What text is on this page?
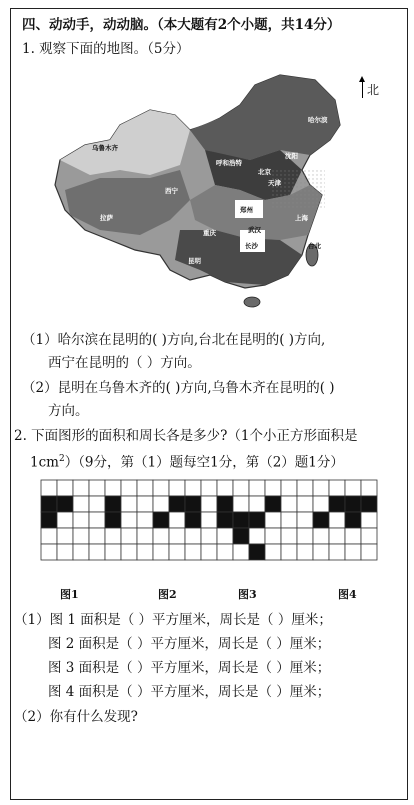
四、动动手，动动脑。（本大题有2个小题，共14分）
1. 观察下面的地图。（5分）
乌鲁木齐
哈尔滨
沈阳
北京
天津
西宁
郑州
上海
拉萨
重庆	武汉
昆明
长沙	台北
呼和浩特
北
（1）哈尔滨在昆明的( )方向,台北在昆明的( )方向,
西宁在昆明的（ ）方向。
（2）昆明在乌鲁木齐的( )方向,乌鲁木齐在昆明的( )
方向。
2. 下面图形的面积和周长各是多少?（1个小正方形面积是
$1cm^2)(9$分，第（1）题每空1分，第（2）题1分）
图1	图2	图3	图4
（1）图 1 面积是（ ）平方厘米，周长是（ ）厘米；
图 2 面积是（ ）平方厘米，周长是（ ）厘米；
图 3 面积是（ ）平方厘米，周长是（ ）厘米；
图 4 面积是（ ）平方厘米，周长是（ ）厘米；
（2）你有什么发现?
